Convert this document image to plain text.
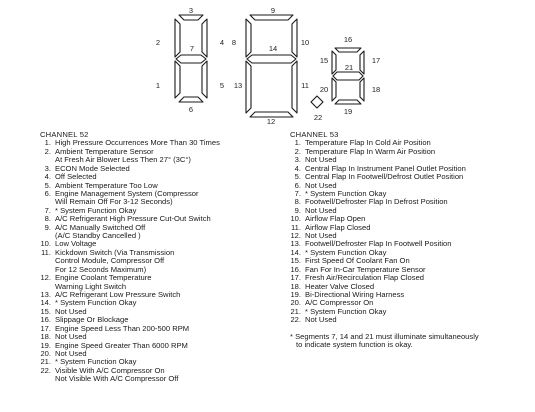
3
2	4
7
1	5
6
9
8	10
14
13	11
12	22
16
15	17
21
20	18
19
CHANNEL 52
1. High Pressure Occurrences More Than 30 Times
2. Ambient Temperature Sensor
At Fresh Air Blower Less Then 27° (3C°)
3. ECON Mode Selected
4. Off Selected
5. Ambient Temperature Too Low
6. Engine Management System (Compressor
Will Remain Off For 3-12 Seconds)
7. * System Function Okay
8. A/C Refrigerant High Pressure Cut-Out Switch
9. A/C Manually Switched Off
(A/C Standby Cancelled )
10. Low Voltage
11. Kickdown Switch (Via Transmission
Control Module, Compressor Off
For 12 Seconds Maximum)
12. Engine Coolant Temperature
Warning Light Switch
13. A/C Refrigerant Low Pressure Switch
14. * System Function Okay
15. Not Used
16. Slippage Or Blockage
17. Engine Speed Less Than 200-500 RPM
18. Not Used
19. Engine Speed Greater Than 6000 RPM
20. Not Used
21. * System Function Okay
22. Visible With A/C Compressor On
Not Visible With A/C Compressor Off
CHANNEL 53
1. Temperature Flap In Cold Air Position
2. Temperature Flap In Warm Air Position
3. Not Used
4. Central Flap In Instrument Panel Outlet Position
5. Central Flap In Footwell/Defrost Outlet Position
6. Not Used
7. * System Function Okay
8. Footwell/Defroster Flap In Defrost Position
9. Not Used
10. Airflow Flap Open
11. Airflow Flap Closed
12. Not Used
13. Footwell/Defroster Flap In Footwell Position
14. * System Function Okay
15. First Speed Of Coolant Fan On
16. Fan For In-Car Temperature Sensor
17. Fresh Air/Recirculation Flap Closed
18. Heater Valve Closed
19. Bi-Directional Wiring Harness
20. A/C Compressor On
21. * System Function Okay
22. Not Used
* Segments 7, 14 and 21 must illuminate simultaneously
to indicate system function is okay.
